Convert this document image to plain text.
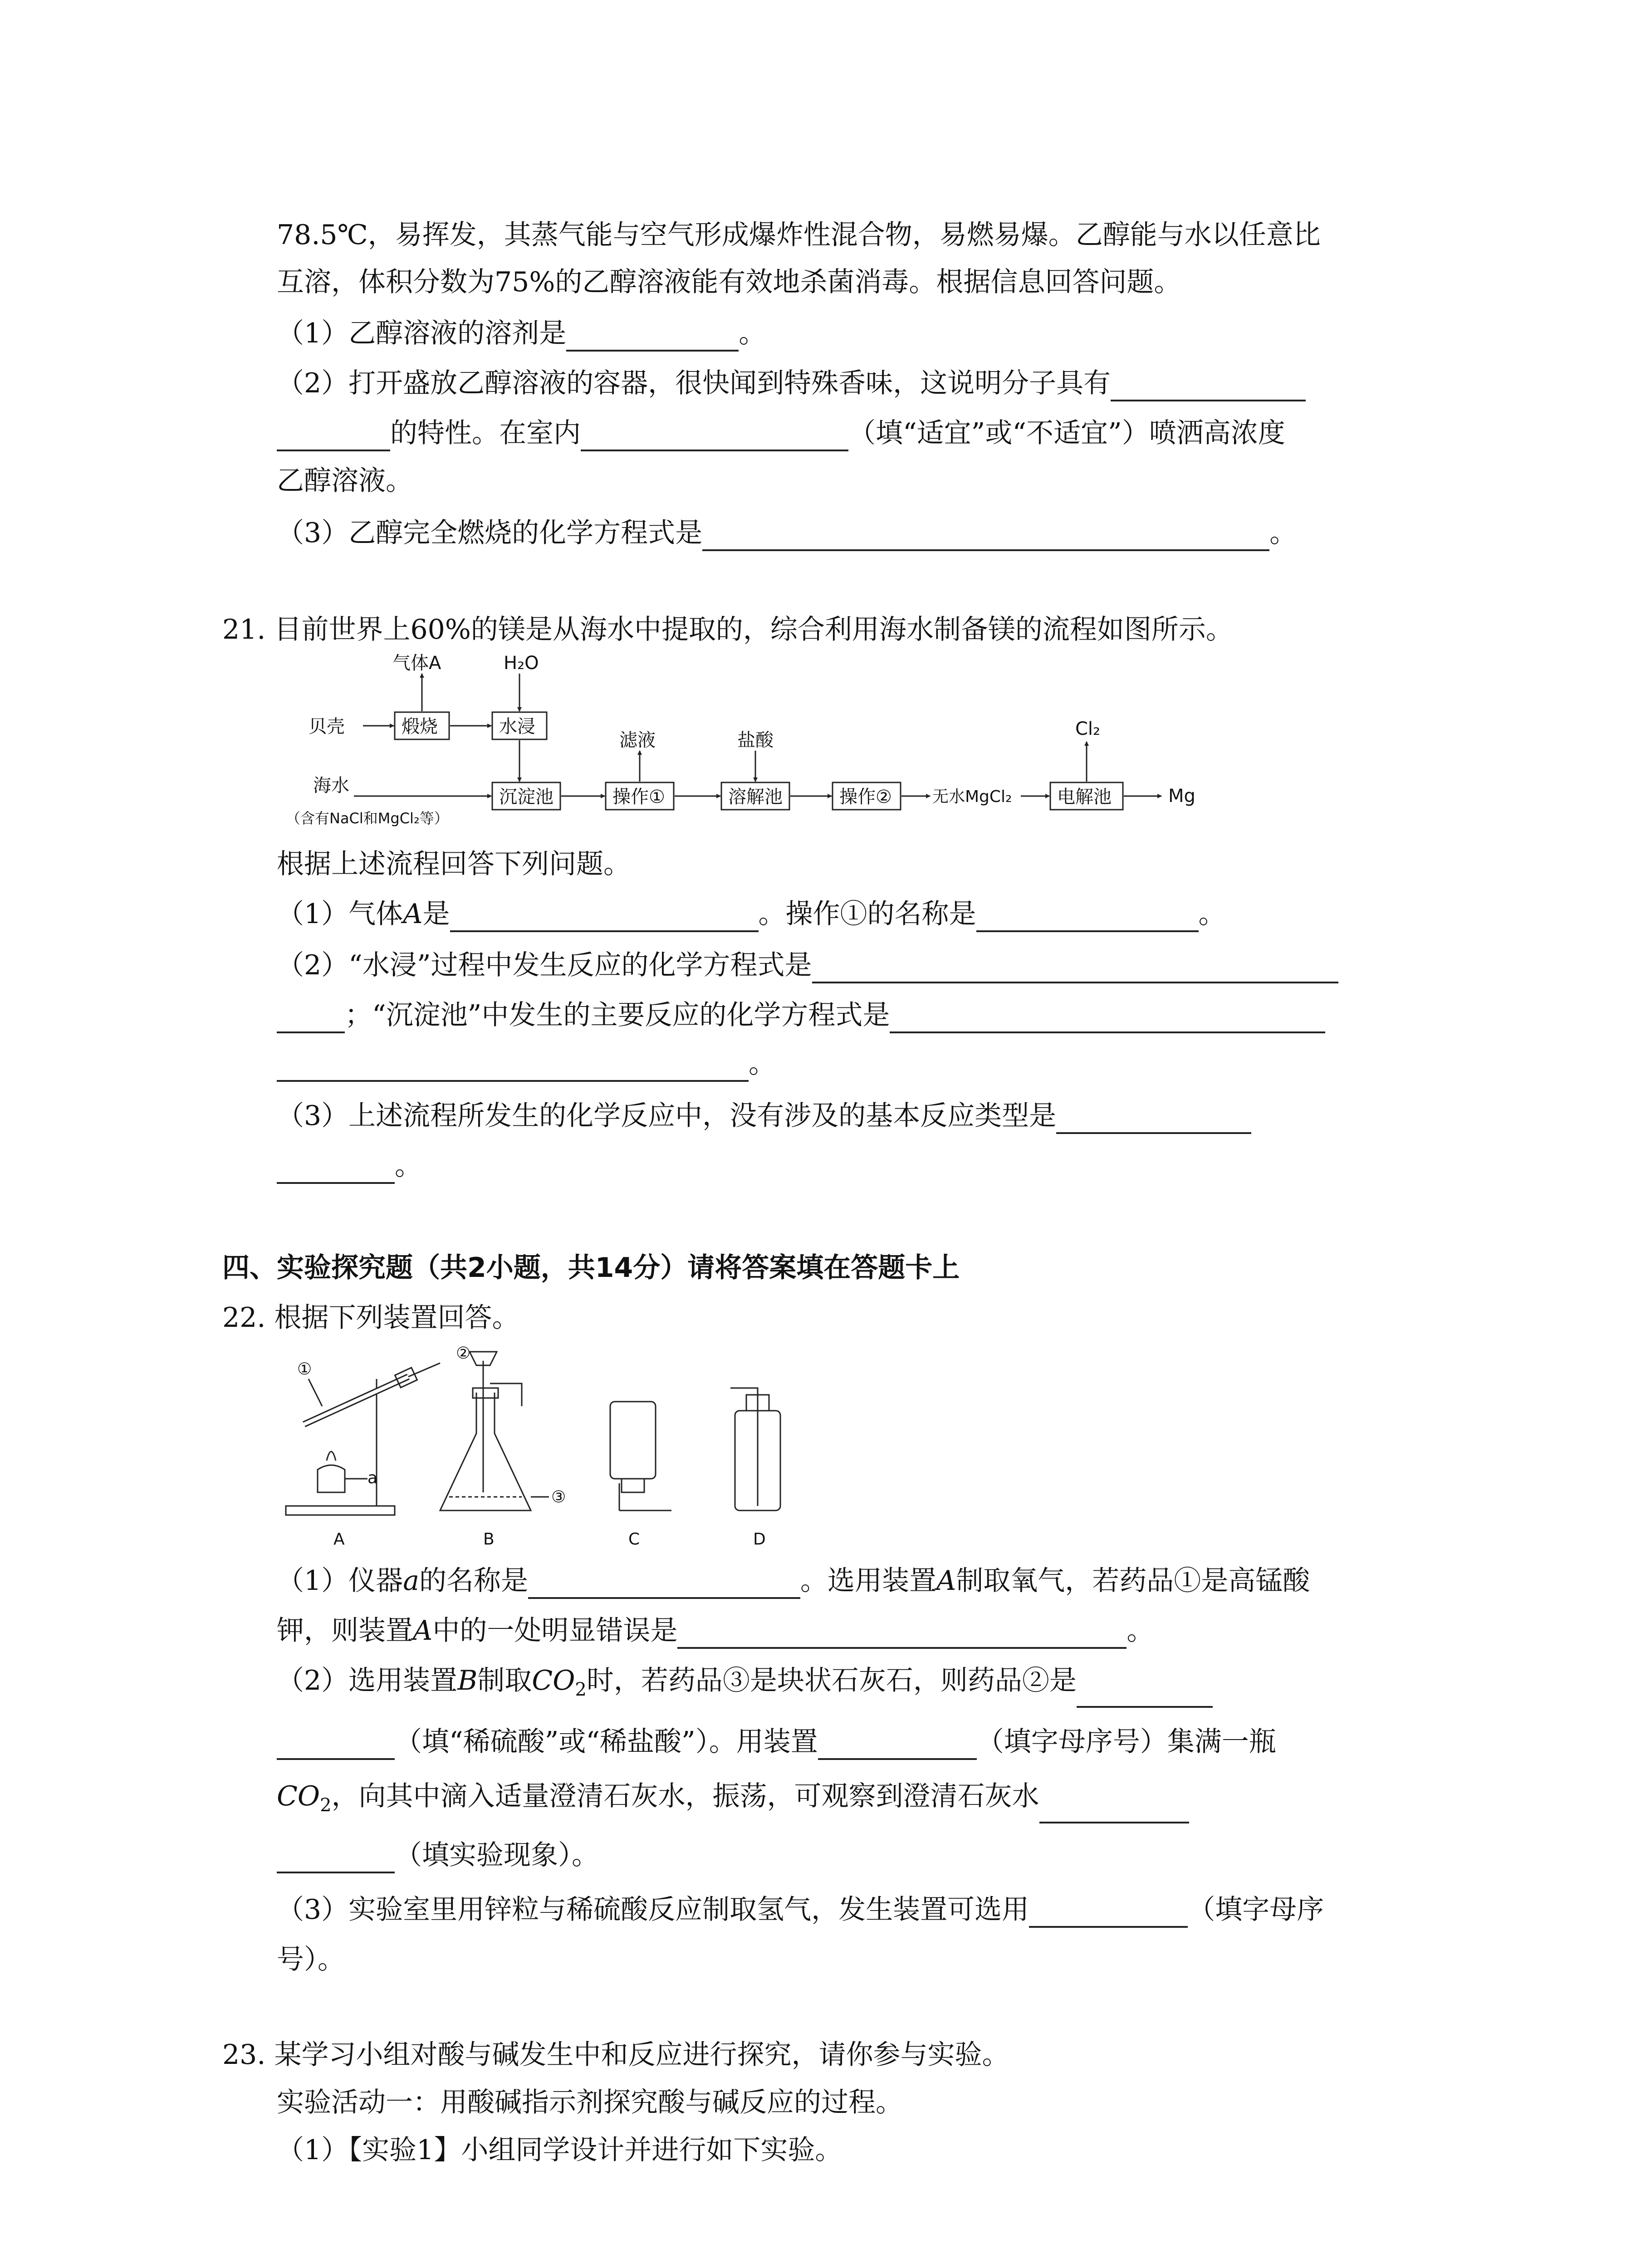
78.5℃，易挥发，其蒸气能与空气形成爆炸性混合物，易燃易爆。乙醇能与水以任意比
互溶，体积分数为75%的乙醇溶液能有效地杀菌消毒。根据信息回答问题。
（1）乙醇溶液的溶剂是	。
（2）打开盛放乙醇溶液的容器，很快闻到特殊香味，这说明分子具有
的特性。在室内	（填“适宜”或“不适宜”）喷洒高浓度
乙醇溶液。
（3）乙醇完全燃烧的化学方程式是	。
21. 目前世界上60%的镁是从海水中提取的，综合利用海水制备镁的流程如图所示。
气体A	H₂O
贝壳	煅烧	水浸
滤液	盐酸
Cl₂
海水
（含有NaCl和MgCl₂等）
沉淀池	操作①	溶解池	操作② 无水MgCl₂ 电解池	Mg
根据上述流程回答下列问题。
（1）气体A是	。操作①的名称是	。
（2）“水浸”过程中发生反应的化学方程式是
；“沉淀池”中发生的主要反应的化学方程式是
。
（3）上述流程所发生的化学反应中，没有涉及的基本反应类型是
。
四、实验探究题（共2小题，共14分）请将答案填在答题卡上
22. 根据下列装置回答。
①
a
②
③
A	B	C	D
（1）仪器a的名称是	。选用装置A制取氧气，若药品①是高锰酸
钾，则装置A中的一处明显错误是	。
（2）选用装置B制取$CO_2$时，若药品③是块状石灰石，则药品②是
（填“稀硫酸”或“稀盐酸”）。用装置	（填字母序号）集满一瓶
$CO_2$，向其中滴入适量澄清石灰水，振荡，可观察到澄清石灰水
（填实验现象）。
（3）实验室里用锌粒与稀硫酸反应制取氢气，发生装置可选用	（填字母序
号）。
23. 某学习小组对酸与碱发生中和反应进行探究，请你参与实验。
实验活动一：用酸碱指示剂探究酸与碱反应的过程。
（1）【实验1】小组同学设计并进行如下实验。
